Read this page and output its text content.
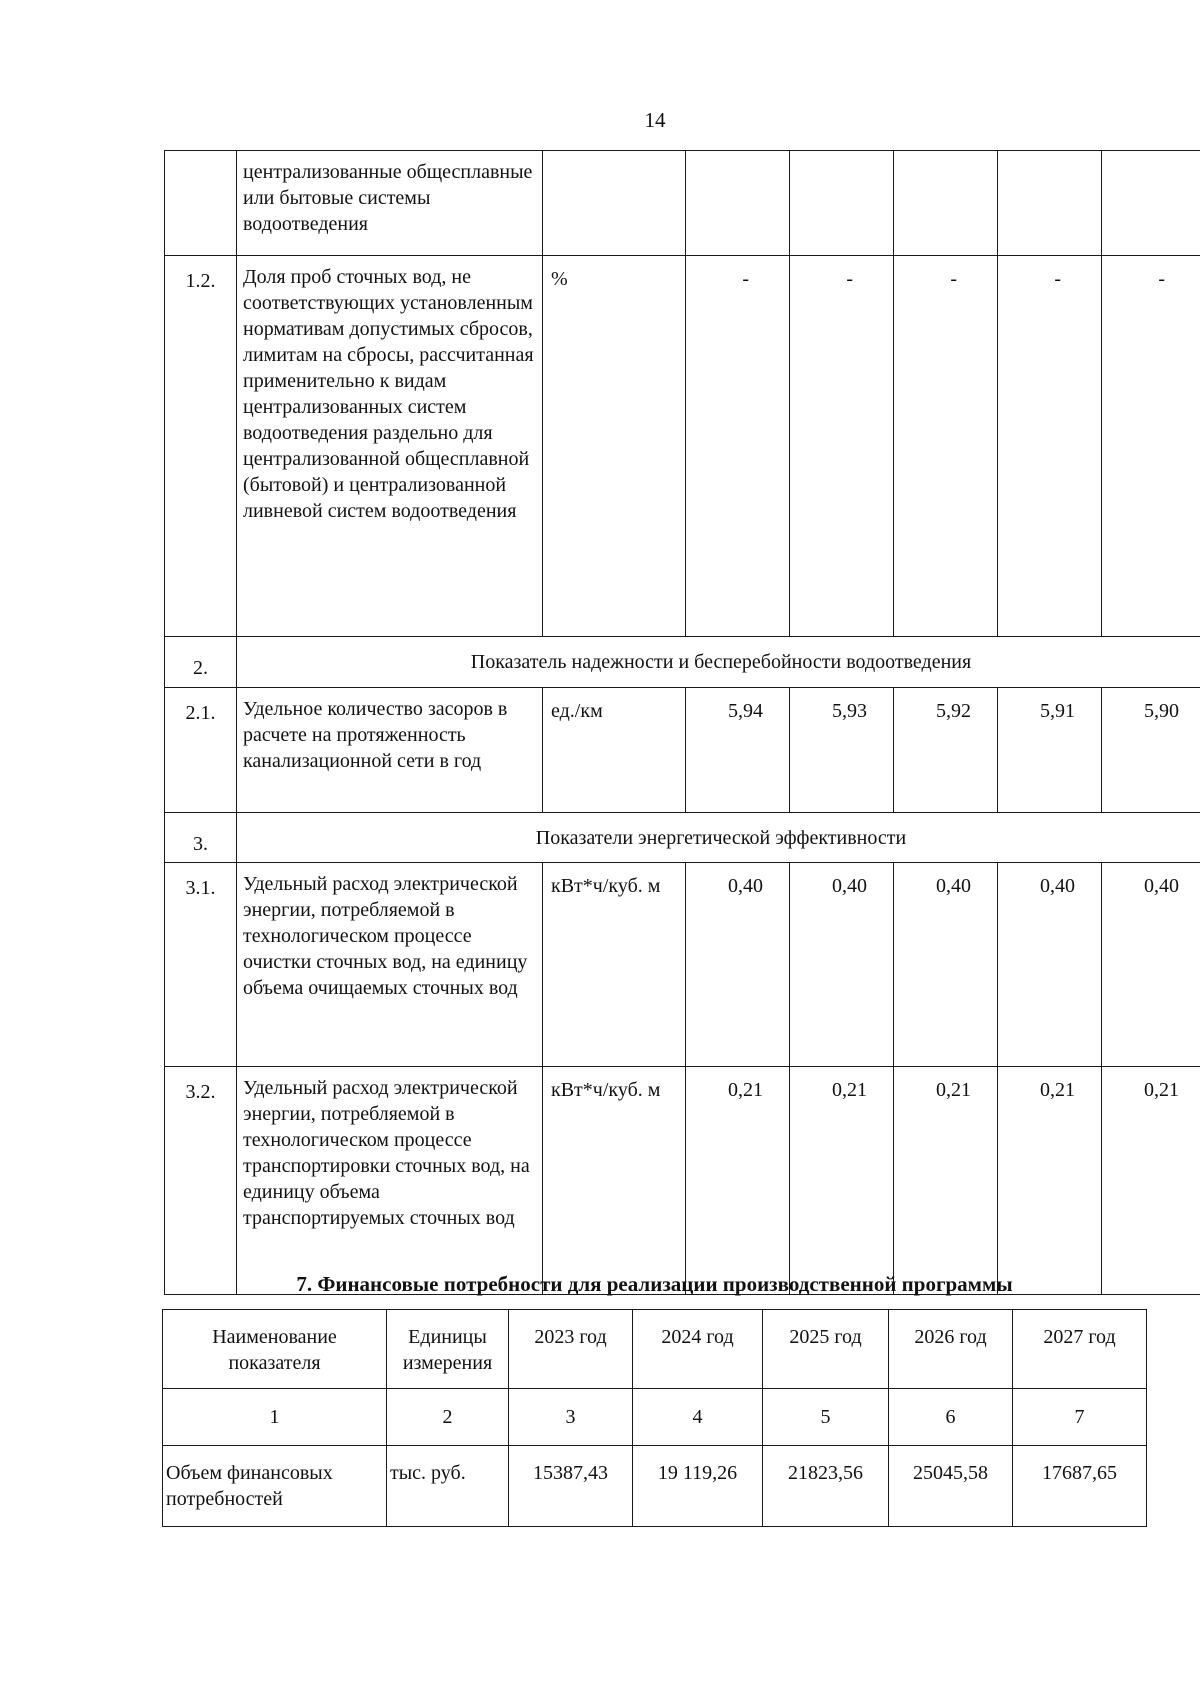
14
	централизованные общесплавные или бытовые системы водоотведения						
1.2.	Доля проб сточных вод, не соответствующих установленным нормативам допустимых сбросов, лимитам на сбросы, рассчитанная применительно к видам централизованных систем водоотведения раздельно для централизованной общесплавной (бытовой) и централизованной ливневой систем водоотведения	%	-	-	-	-	-
2.	Показатель надежности и бесперебойности водоотведения						
2.1.	Удельное количество засоров в расчете на протяженность канализационной сети в год	ед./км	5,94	5,93	5,92	5,91	5,90
3.	Показатели энергетической эффективности						
3.1.	Удельный расход электрической энергии, потребляемой в технологическом процессе очистки сточных вод, на единицу объема очищаемых сточных вод	кВт*ч/куб. м	0,40	0,40	0,40	0,40	0,40
3.2.	Удельный расход электрической энергии, потребляемой в технологическом процессе транспортировки сточных вод, на единицу объема транспортируемых сточных вод	кВт*ч/куб. м	0,21	0,21	0,21	0,21	0,21
7. Финансовые потребности для реализации производственной программы
Наименование показателя	Единицы измерения	2023 год	2024 год	2025 год	2026 год	2027 год
1	2	3	4	5	6	7
Объем финансовых потребностей	тыс. руб.	15387,43	19 119,26	21823,56	25045,58	17687,65
